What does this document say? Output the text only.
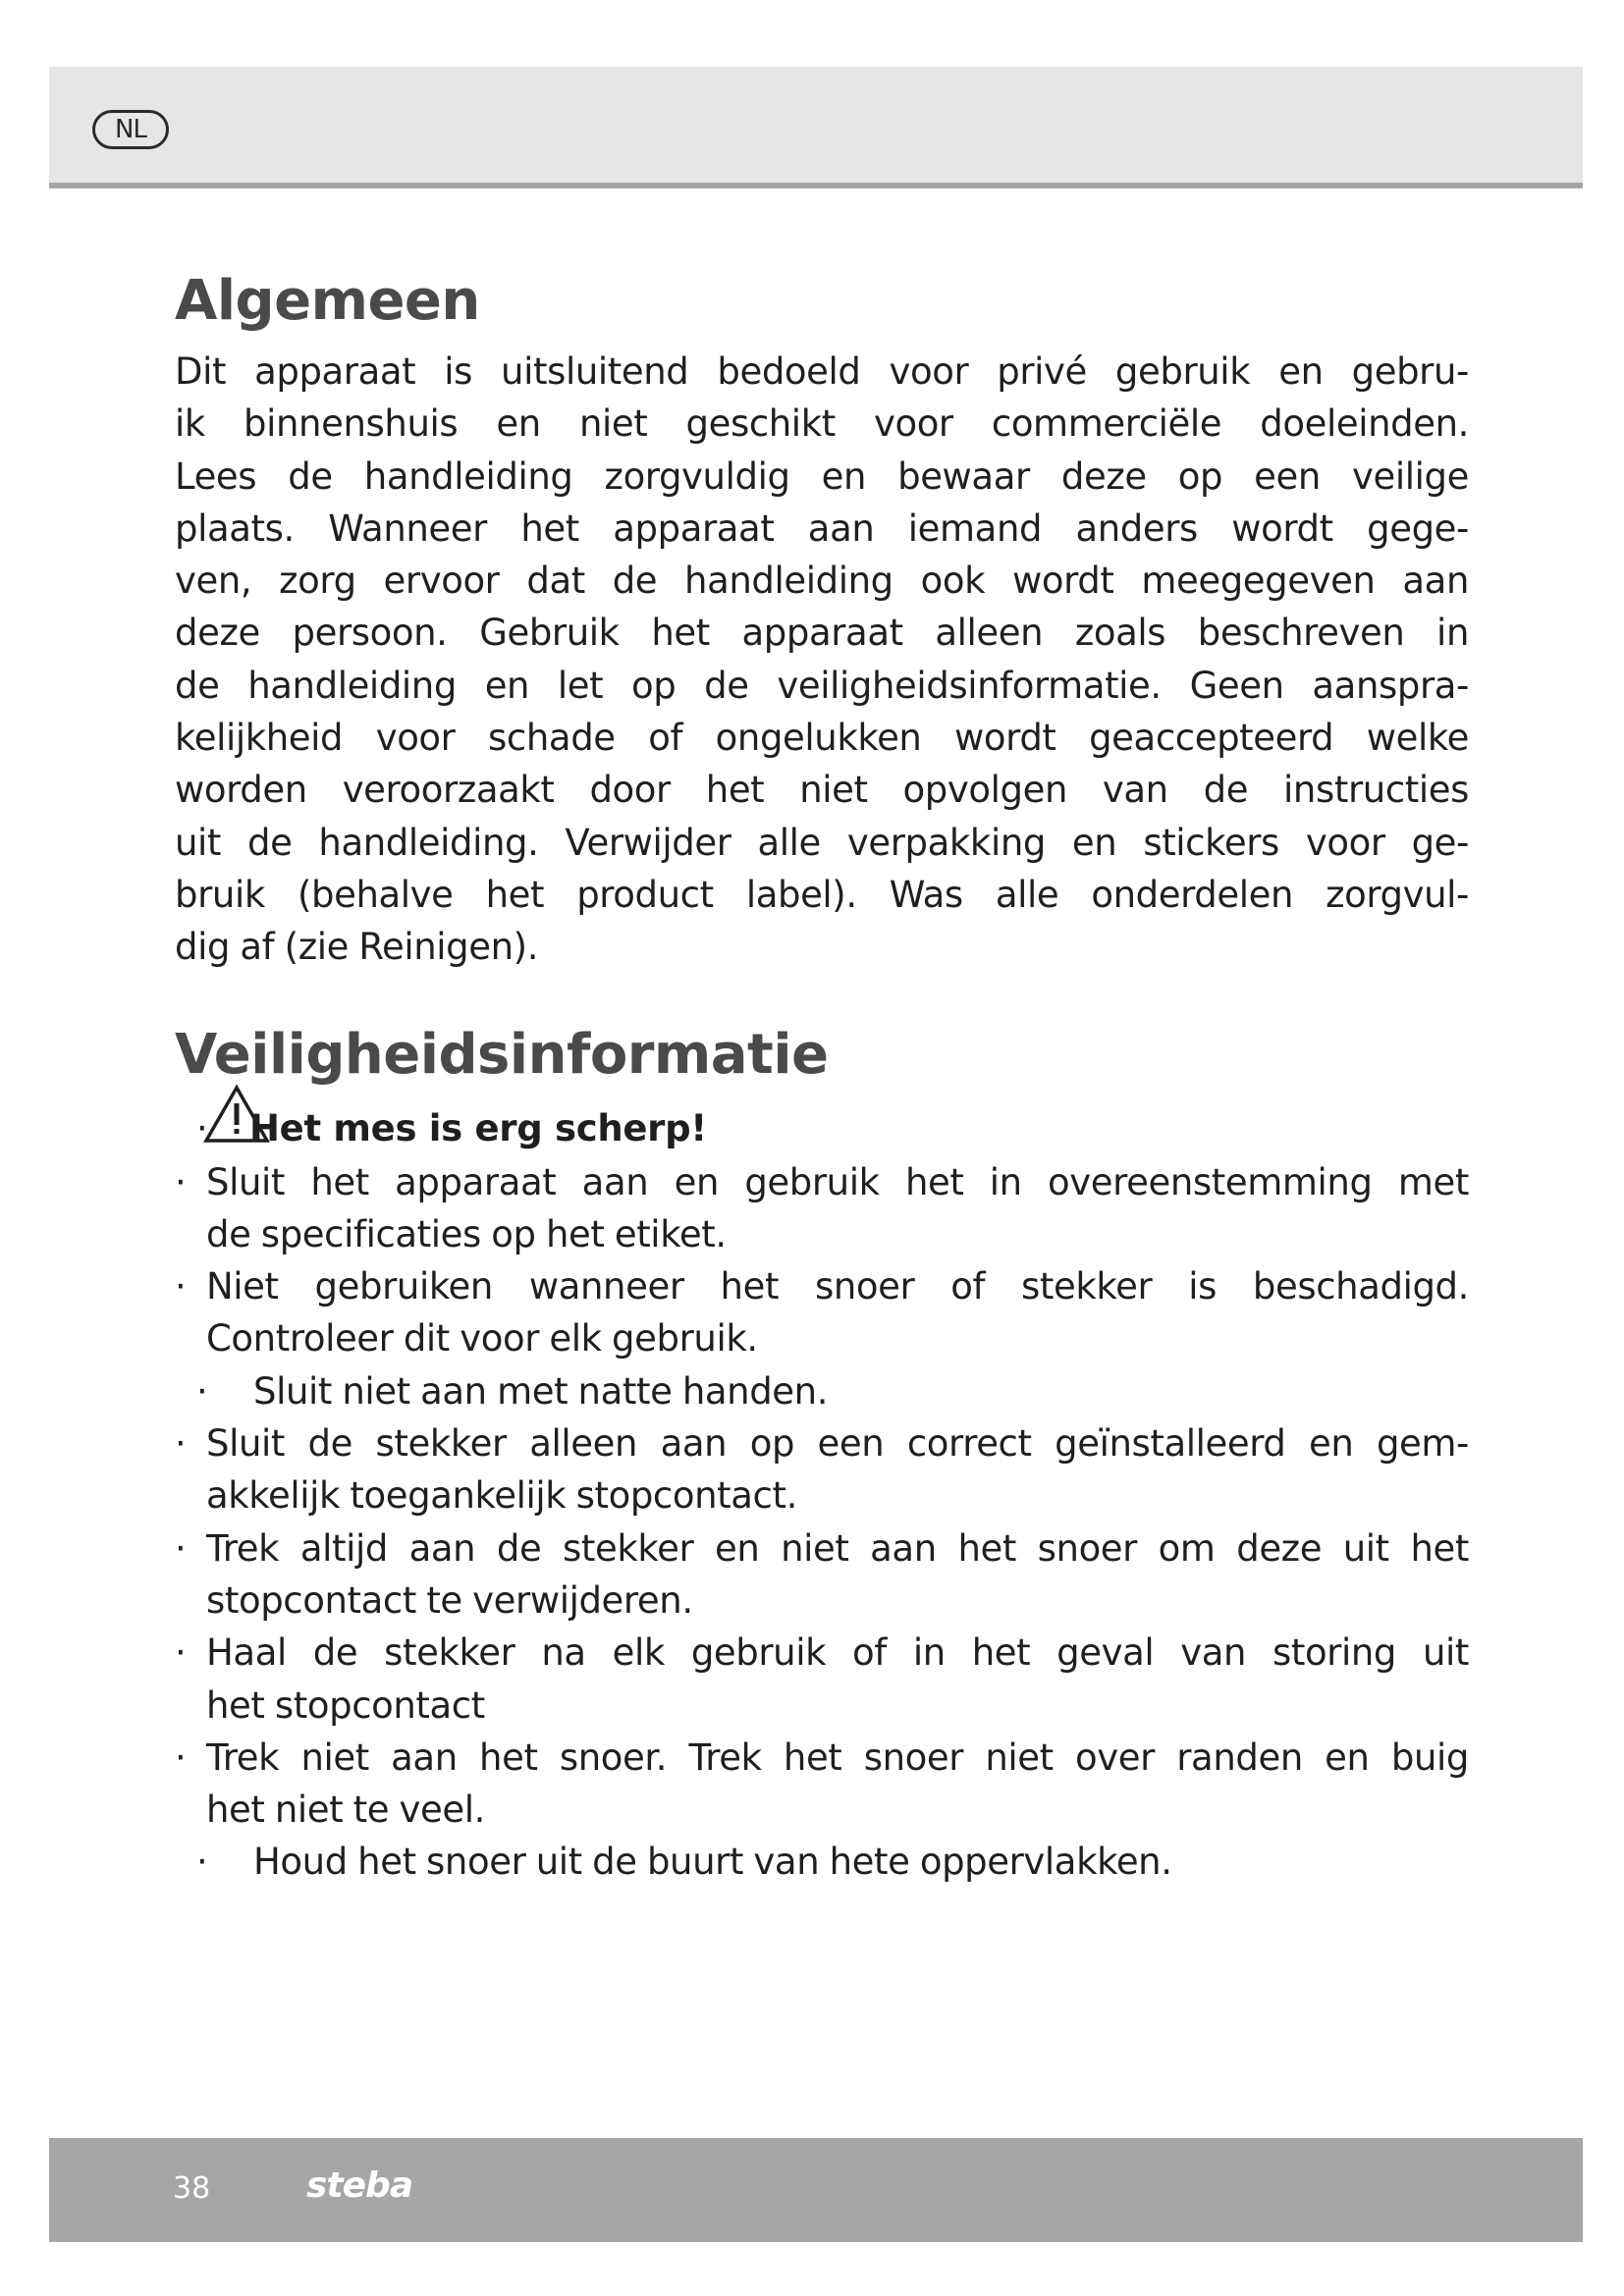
NL
Algemeen
Dit apparaat is uitsluitend bedoeld voor privé gebruik en gebru-
ik binnenshuis en niet geschikt voor commerciële doeleinden.
Lees de handleiding zorgvuldig en bewaar deze op een veilige
plaats. Wanneer het apparaat aan iemand anders wordt gege-
ven, zorg ervoor dat de handleiding ook wordt meegegeven aan
deze persoon. Gebruik het apparaat alleen zoals beschreven in
de handleiding en let op de veiligheidsinformatie. Geen aanspra-
kelijkheid voor schade of ongelukken wordt geaccepteerd welke
worden veroorzaakt door het niet opvolgen van de instructies
uit de handleiding. Verwijder alle verpakking en stickers voor ge-
bruik (behalve het product label). Was alle onderdelen zorgvul-
dig af (zie Reinigen).
Veiligheidsinformatie
· Het mes is erg scherp!
· Sluit het apparaat aan en gebruik het in overeenstemming met
de specificaties op het etiket.
· Niet gebruiken wanneer het snoer of stekker is beschadigd.
Controleer dit voor elk gebruik.
· Sluit niet aan met natte handen.
· Sluit de stekker alleen aan op een correct geïnstalleerd en gem-
akkelijk toegankelijk stopcontact.
· Trek altijd aan de stekker en niet aan het snoer om deze uit het
stopcontact te verwijderen.
· Haal de stekker na elk gebruik of in het geval van storing uit
het stopcontact
· Trek niet aan het snoer. Trek het snoer niet over randen en buig
het niet te veel.
· Houd het snoer uit de buurt van hete oppervlakken.
38	steba
